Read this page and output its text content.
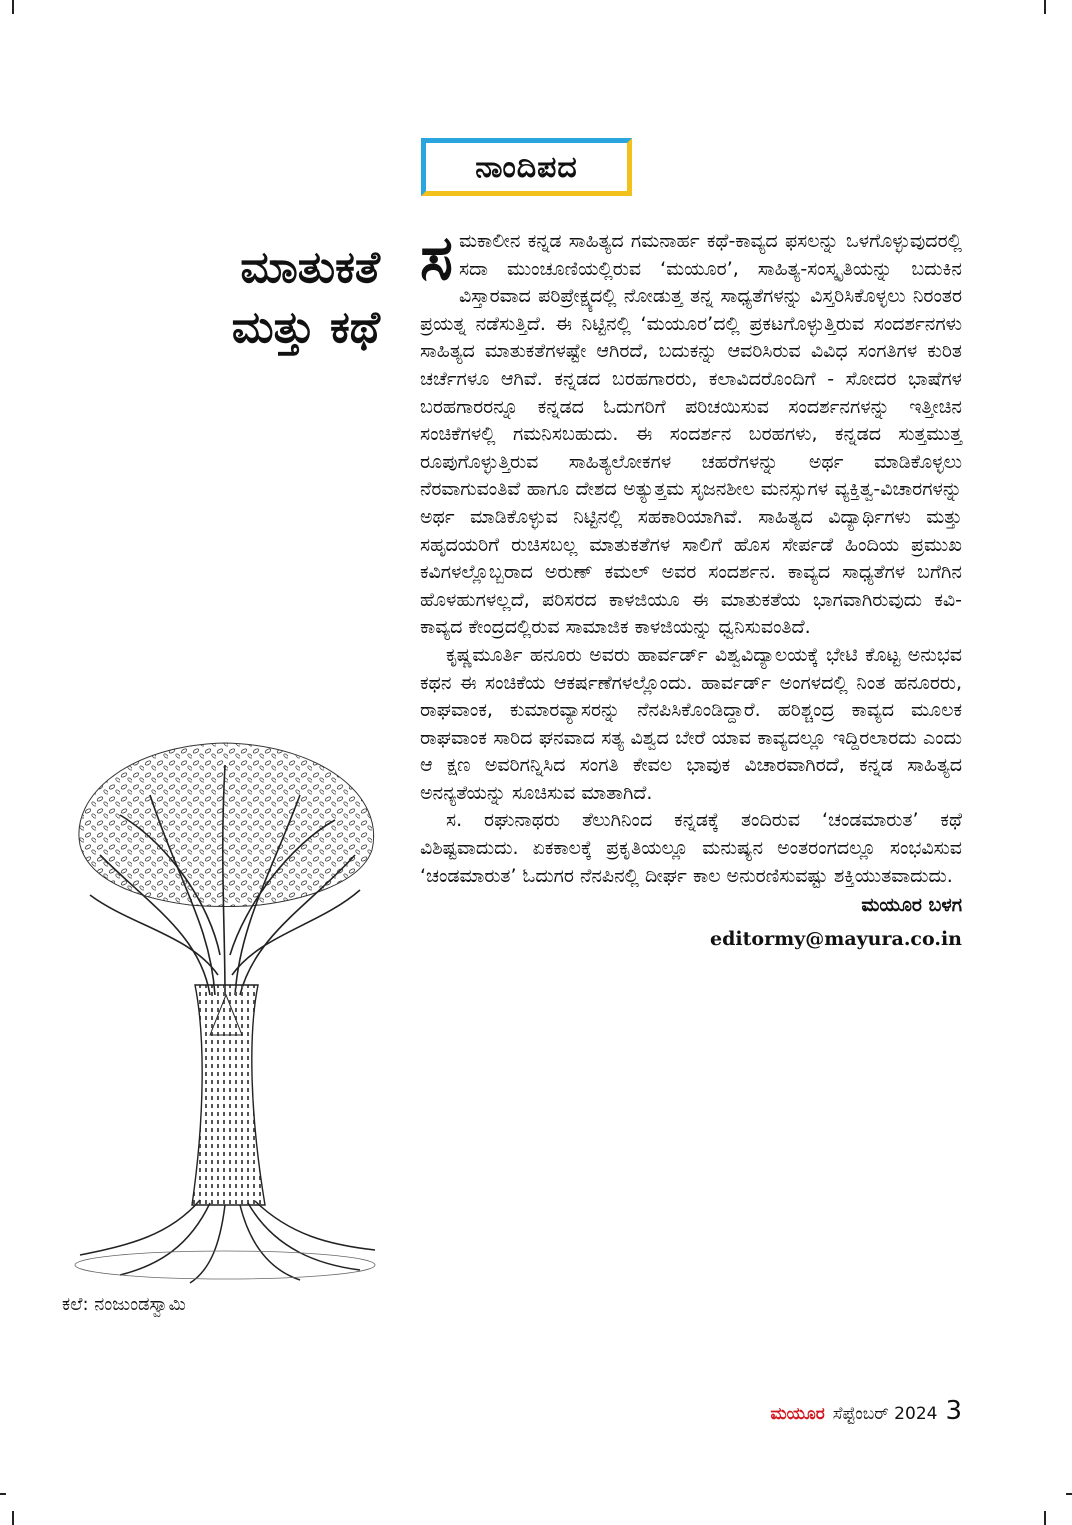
ನಾಂದಿಪದ
ಮಾತುಕತೆ
ಮತ್ತು ಕಥೆ

ಸಮಕಾಲೀನ ಕನ್ನಡ ಸಾಹಿತ್ಯದ ಗಮನಾರ್ಹ ಕಥೆ-ಕಾವ್ಯದ ಫಸಲನ್ನು ಒಳಗೊಳ್ಳುವುದರಲ್ಲಿ ಸದಾ ಮುಂಚೂಣಿಯಲ್ಲಿರುವ ‘ಮಯೂರ’, ಸಾಹಿತ್ಯ-ಸಂಸ್ಕೃತಿಯನ್ನು ಬದುಕಿನ ವಿಸ್ತಾರವಾದ ಪರಿಪ್ರೇಕ್ಷ್ಯದಲ್ಲಿ ನೋಡುತ್ತ ತನ್ನ ಸಾಧ್ಯತೆಗಳನ್ನು ವಿಸ್ತರಿಸಿಕೊಳ್ಳಲು ನಿರಂತರ ಪ್ರಯತ್ನ ನಡೆಸುತ್ತಿದೆ. ಈ ನಿಟ್ಟಿನಲ್ಲಿ ‘ಮಯೂರ’ದಲ್ಲಿ ಪ್ರಕಟಗೊಳ್ಳುತ್ತಿರುವ ಸಂದರ್ಶನಗಳು ಸಾಹಿತ್ಯದ ಮಾತುಕತೆಗಳಷ್ಟೇ ಆಗಿರದೆ, ಬದುಕನ್ನು ಆವರಿಸಿರುವ ವಿವಿಧ ಸಂಗತಿಗಳ ಕುರಿತ ಚರ್ಚೆಗಳೂ ಆಗಿವೆ. ಕನ್ನಡದ ಬರಹಗಾರರು, ಕಲಾವಿದರೊಂದಿಗೆ - ಸೋದರ ಭಾಷೆಗಳ ಬರಹಗಾರರನ್ನೂ ಕನ್ನಡದ ಓದುಗರಿಗೆ ಪರಿಚಯಿಸುವ ಸಂದರ್ಶನಗಳನ್ನು ಇತ್ತೀಚಿನ ಸಂಚಿಕೆಗಳಲ್ಲಿ ಗಮನಿಸಬಹುದು. ಈ ಸಂದರ್ಶನ ಬರಹಗಳು, ಕನ್ನಡದ ಸುತ್ತಮುತ್ತ ರೂಪುಗೊಳ್ಳುತ್ತಿರುವ ಸಾಹಿತ್ಯಲೋಕಗಳ ಚಹರೆಗಳನ್ನು ಅರ್ಥ ಮಾಡಿಕೊಳ್ಳಲು ನೆರವಾಗುವಂತಿವೆ ಹಾಗೂ ದೇಶದ ಅತ್ಯುತ್ತಮ ಸೃಜನಶೀಲ ಮನಸ್ಸುಗಳ ವ್ಯಕ್ತಿತ್ವ-ವಿಚಾರಗಳನ್ನು ಅರ್ಥ ಮಾಡಿಕೊಳ್ಳುವ ನಿಟ್ಟಿನಲ್ಲಿ ಸಹಕಾರಿಯಾಗಿವೆ. ಸಾಹಿತ್ಯದ ವಿದ್ಯಾರ್ಥಿಗಳು ಮತ್ತು ಸಹೃದಯರಿಗೆ ರುಚಿಸಬಲ್ಲ ಮಾತುಕತೆಗಳ ಸಾಲಿಗೆ ಹೊಸ ಸೇರ್ಪಡೆ ಹಿಂದಿಯ ಪ್ರಮುಖ ಕವಿಗಳಲ್ಲೊಬ್ಬರಾದ ಅರುಣ್ ಕಮಲ್ ಅವರ ಸಂದರ್ಶನ. ಕಾವ್ಯದ ಸಾಧ್ಯತೆಗಳ ಬಗೆಗಿನ ಹೊಳಹುಗಳಲ್ಲದೆ, ಪರಿಸರದ ಕಾಳಜಿಯೂ ಈ ಮಾತುಕತೆಯ ಭಾಗವಾಗಿರುವುದು ಕವಿ-ಕಾವ್ಯದ ಕೇಂದ್ರದಲ್ಲಿರುವ ಸಾಮಾಜಿಕ ಕಾಳಜಿಯನ್ನು ಧ್ವನಿಸುವಂತಿದೆ.

ಕೃಷ್ಣಮೂರ್ತಿ ಹನೂರು ಅವರು ಹಾರ್ವರ್ಡ್ ವಿಶ್ವವಿದ್ಯಾಲಯಕ್ಕೆ ಭೇಟಿ ಕೊಟ್ಟ ಅನುಭವ ಕಥನ ಈ ಸಂಚಿಕೆಯ ಆಕರ್ಷಣೆಗಳಲ್ಲೊಂದು. ಹಾರ್ವರ್ಡ್ ಅಂಗಳದಲ್ಲಿ ನಿಂತ ಹನೂರರು, ರಾಘವಾಂಕ, ಕುಮಾರವ್ಯಾಸರನ್ನು ನೆನಪಿಸಿಕೊಂಡಿದ್ದಾರೆ. ಹರಿಶ್ಚಂದ್ರ ಕಾವ್ಯದ ಮೂಲಕ ರಾಘವಾಂಕ ಸಾರಿದ ಘನವಾದ ಸತ್ಯ ವಿಶ್ವದ ಬೇರೆ ಯಾವ ಕಾವ್ಯದಲ್ಲೂ ಇದ್ದಿರಲಾರದು ಎಂದು ಆ ಕ್ಷಣ ಅವರಿಗನ್ನಿಸಿದ ಸಂಗತಿ ಕೇವಲ ಭಾವುಕ ವಿಚಾರವಾಗಿರದೆ, ಕನ್ನಡ ಸಾಹಿತ್ಯದ ಅನನ್ಯತೆಯನ್ನು ಸೂಚಿಸುವ ಮಾತಾಗಿದೆ.

ಸ. ರಘುನಾಥರು ತೆಲುಗಿನಿಂದ ಕನ್ನಡಕ್ಕೆ ತಂದಿರುವ ‘ಚಂಡಮಾರುತ’ ಕಥೆ ವಿಶಿಷ್ಟವಾದುದು. ಏಕಕಾಲಕ್ಕೆ ಪ್ರಕೃತಿಯಲ್ಲೂ ಮನುಷ್ಯನ ಅಂತರಂಗದಲ್ಲೂ ಸಂಭವಿಸುವ ‘ಚಂಡಮಾರುತ’ ಓದುಗರ ನೆನಪಿನಲ್ಲಿ ದೀರ್ಘ ಕಾಲ ಅನುರಣಿಸುವಷ್ಟು ಶಕ್ತಿಯುತವಾದುದು.

ಮಯೂರ ಬಳಗ
editormy@mayura.co.in
ಕಲೆ: ನಂಜುಂಡಸ್ವಾಮಿ
ಮಯೂರ ಸೆಪ್ಟೆಂಬರ್ 2024 3
